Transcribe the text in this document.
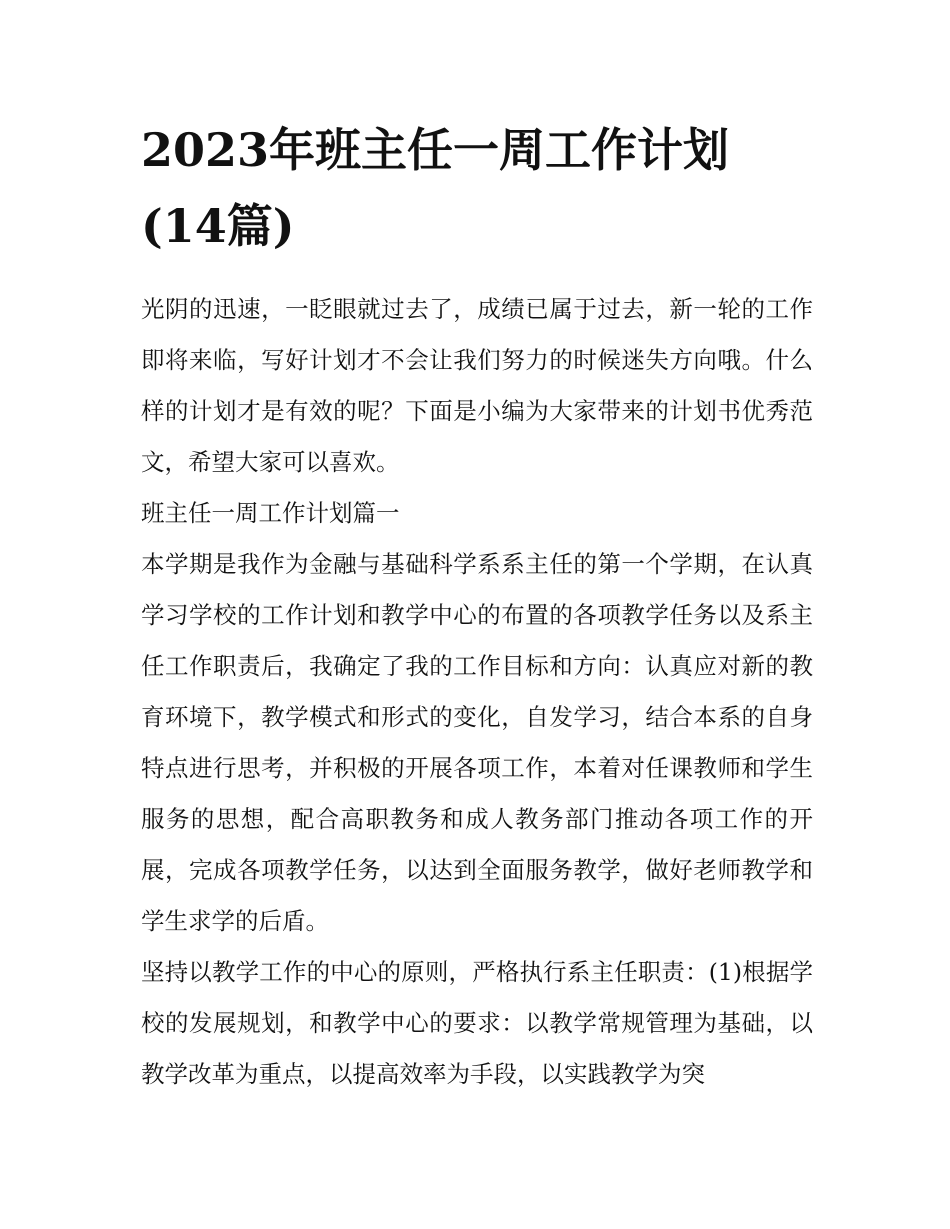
2023年班主任一周工作计划(14篇)

光阴的迅速，一眨眼就过去了，成绩已属于过去，新一轮的工作即将来临，写好计划才不会让我们努力的时候迷失方向哦。什么样的计划才是有效的呢？下面是小编为大家带来的计划书优秀范文，希望大家可以喜欢。

班主任一周工作计划篇一

本学期是我作为金融与基础科学系系主任的第一个学期，在认真学习学校的工作计划和教学中心的布置的各项教学任务以及系主任工作职责后，我确定了我的工作目标和方向：认真应对新的教育环境下，教学模式和形式的变化，自发学习，结合本系的自身特点进行思考，并积极的开展各项工作，本着对任课教师和学生服务的思想，配合高职教务和成人教务部门推动各项工作的开展，完成各项教学任务，以达到全面服务教学，做好老师教学和学生求学的后盾。

坚持以教学工作的中心的原则，严格执行系主任职责：(1)根据学校的发展规划，和教学中心的要求：以教学常规管理为基础，以教学改革为重点，以提高效率为手段，以实践教学为突
